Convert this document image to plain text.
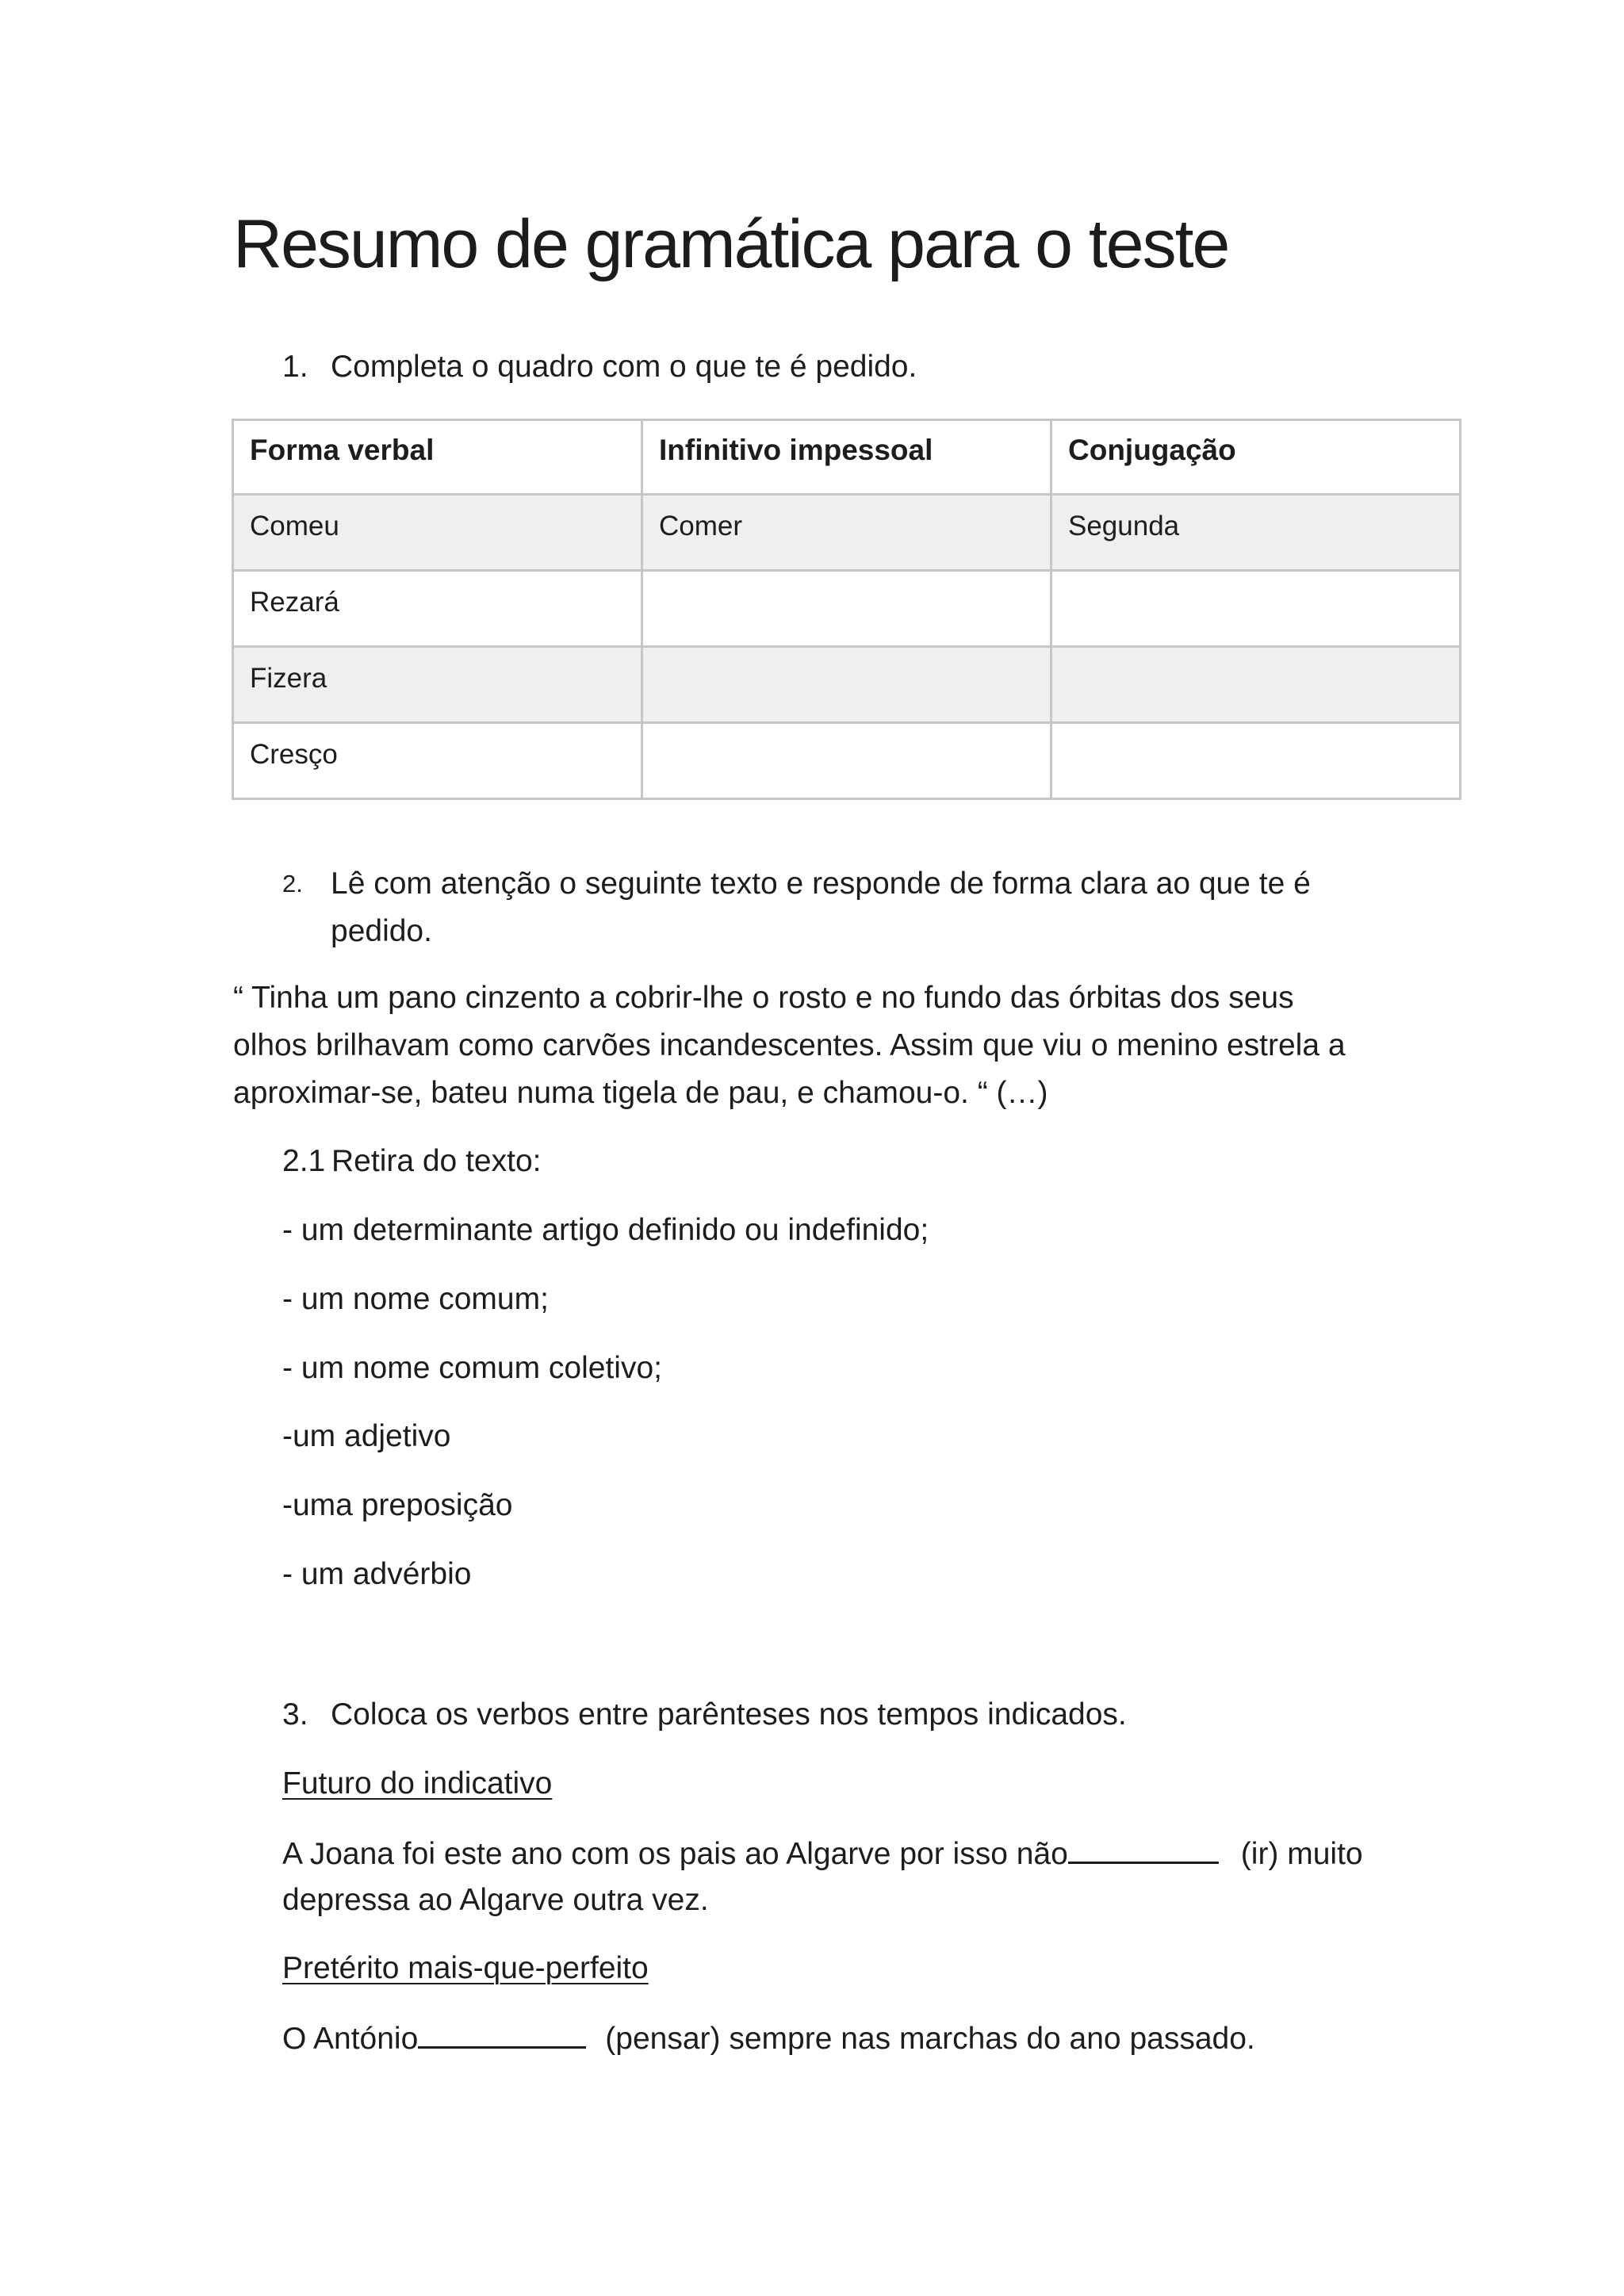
Resumo de gramática para o teste
1. Completa o quadro com o que te é pedido.
Forma verbal	Infinitivo impessoal	Conjugação
Comeu	Comer	Segunda
Rezará		
Fizera		
Cresço		
2. Lê com atenção o seguinte texto e responde de forma clara ao que te é
pedido.
“ Tinha um pano cinzento a cobrir-lhe o rosto e no fundo das órbitas dos seus
olhos brilhavam como carvões incandescentes. Assim que viu o menino estrela a
aproximar-se, bateu numa tigela de pau, e chamou-o. “ (…)
2.1 Retira do texto:
- um determinante artigo definido ou indefinido;
- um nome comum;
- um nome comum coletivo;
-um adjetivo
-uma preposição
- um advérbio
3. Coloca os verbos entre parênteses nos tempos indicados.
Futuro do indicativo
A Joana foi este ano com os pais ao Algarve por isso não	(ir) muito
depressa ao Algarve outra vez.
Pretérito mais-que-perfeito
O António	(pensar) sempre nas marchas do ano passado.
